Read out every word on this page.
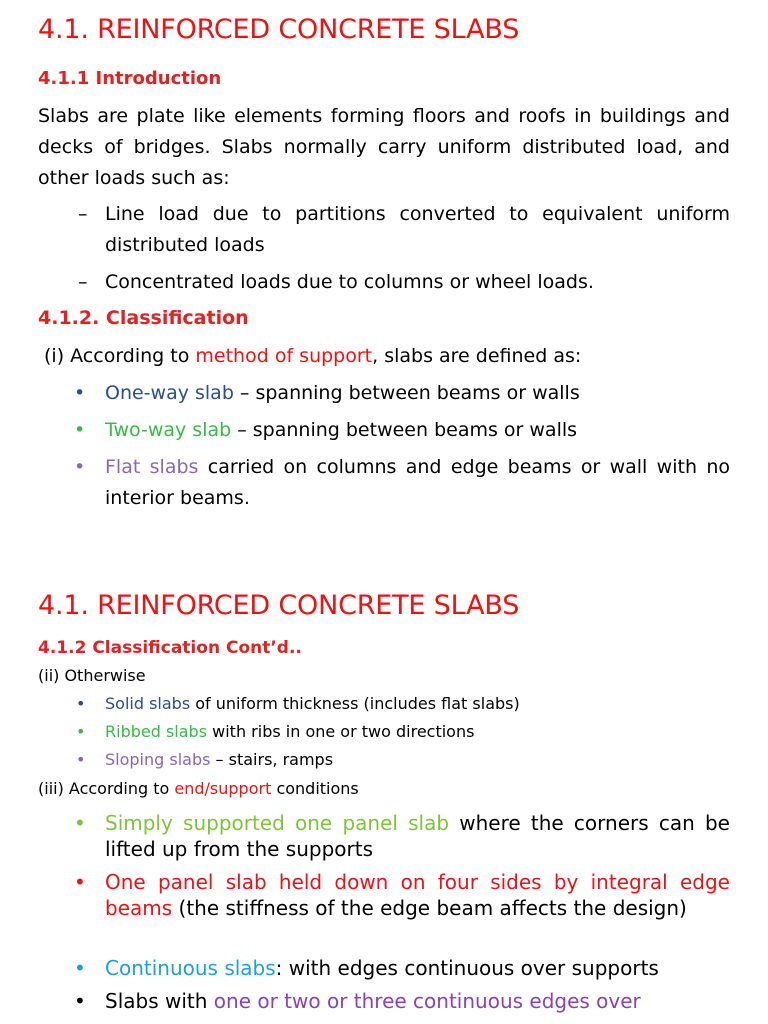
4.1. REINFORCED CONCRETE SLABS
4.1.1 Introduction

Slabs are plate like elements forming floors and roofs in buildings and decks of bridges. Slabs normally carry uniform distributed load, and other loads such as:

– Line load due to partitions converted to equivalent uniform distributed loads

– Concentrated loads due to columns or wheel loads.

4.1.2. Classification
(i) According to method of support, slabs are defined as:
• One-way slab – spanning between beams or walls
• Two-way slab – spanning between beams or walls
• Flat slabs carried on columns and edge beams or wall with no interior beams.

4.1. REINFORCED CONCRETE SLABS
4.1.2 Classification Cont’d..
(ii) Otherwise
• Solid slabs of uniform thickness (includes flat slabs)
• Ribbed slabs with ribs in one or two directions
• Sloping slabs – stairs, ramps
(iii) According to end/support conditions
• Simply supported one panel slab where the corners can be lifted up from the supports

• One panel slab held down on four sides by integral edge beams (the stiffness of the edge beam affects the design)

• Continuous slabs: with edges continuous over supports
• Slabs with one or two or three continuous edges over
